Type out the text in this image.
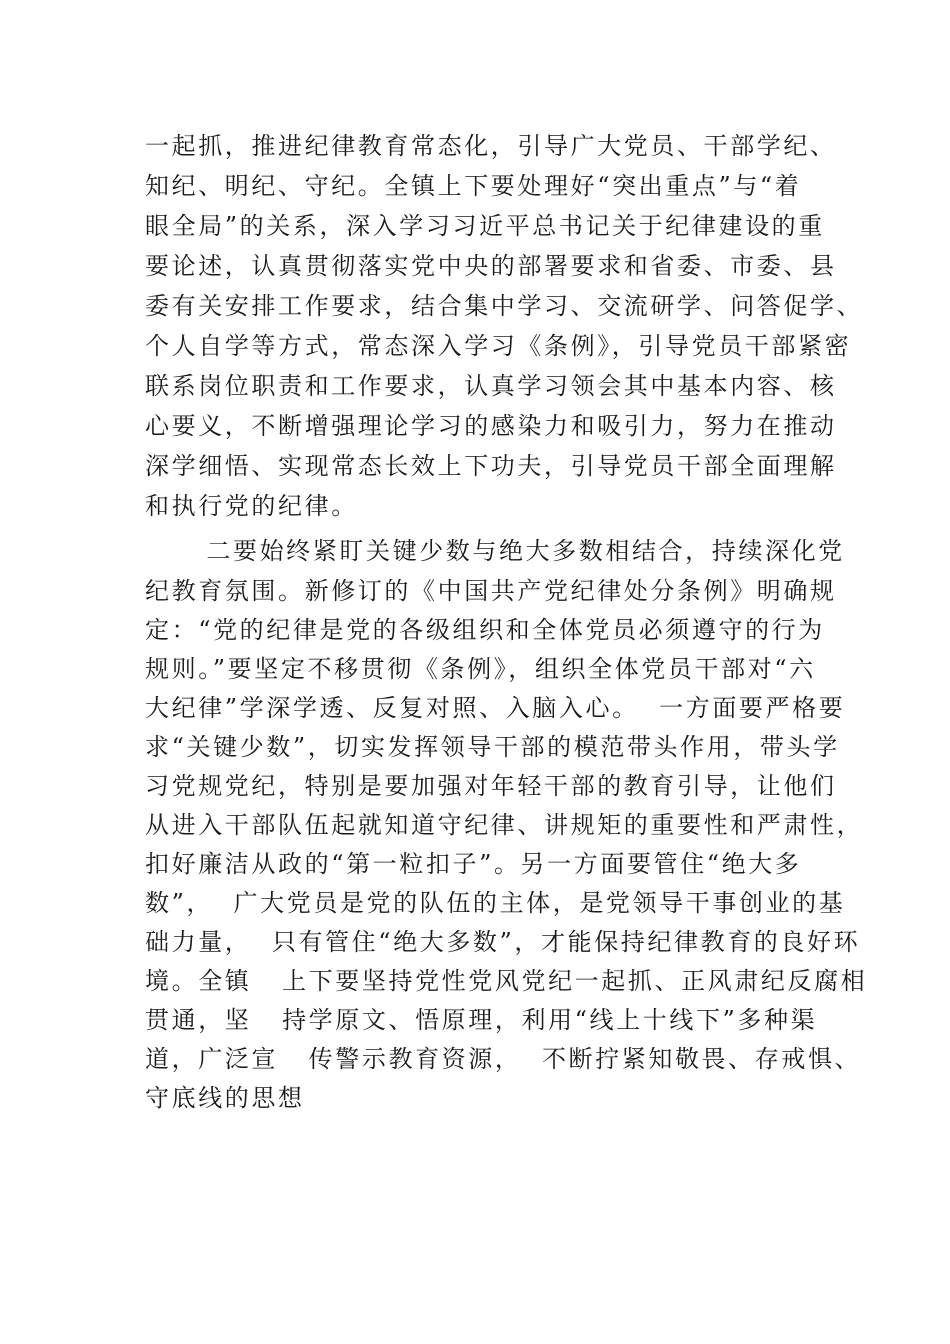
一起抓，推进纪律教育常态化，引导广大党员、干部学纪、
知纪、明纪、守纪。全镇上下要处理好“突出重点”与“着
眼全局”的关系，深入学习习近平总书记关于纪律建设的重
要论述，认真贯彻落实党中央的部署要求和省委、市委、县
委有关安排工作要求，结合集中学习、交流研学、问答促学、
个人自学等方式，常态深入学习《条例》，引导党员干部紧密
联系岗位职责和工作要求，认真学习领会其中基本内容、核
心要义，不断增强理论学习的感染力和吸引力，努力在推动
深学细悟、实现常态长效上下功夫，引导党员干部全面理解
和执行党的纪律。
二要始终紧盯关键少数与绝大多数相结合，持续深化党
纪教育氛围。新修订的《中国共产党纪律处分条例》明确规
定：“党的纪律是党的各级组织和全体党员必须遵守的行为
规则。”要坚定不移贯彻《条例》，组织全体党员干部对“六
大纪律”学深学透、反复对照、入脑入心。  一方面要严格要
求“关键少数”，切实发挥领导干部的模范带头作用，带头学
习党规党纪，特别是要加强对年轻干部的教育引导，让他们
从进入干部队伍起就知道守纪律、讲规矩的重要性和严肃性，
扣好廉洁从政的“第一粒扣子”。另一方面要管住“绝大多
数”，  广大党员是党的队伍的主体，是党领导干事创业的基
础力量，  只有管住“绝大多数”，才能保持纪律教育的良好环
境。全镇   上下要坚持党性党风党纪一起抓、正风肃纪反腐相
贯通，坚   持学原文、悟原理，利用“线上十线下”多种渠
道，广泛宣   传警示教育资源，  不断拧紧知敬畏、存戒惧、
守底线的思想
